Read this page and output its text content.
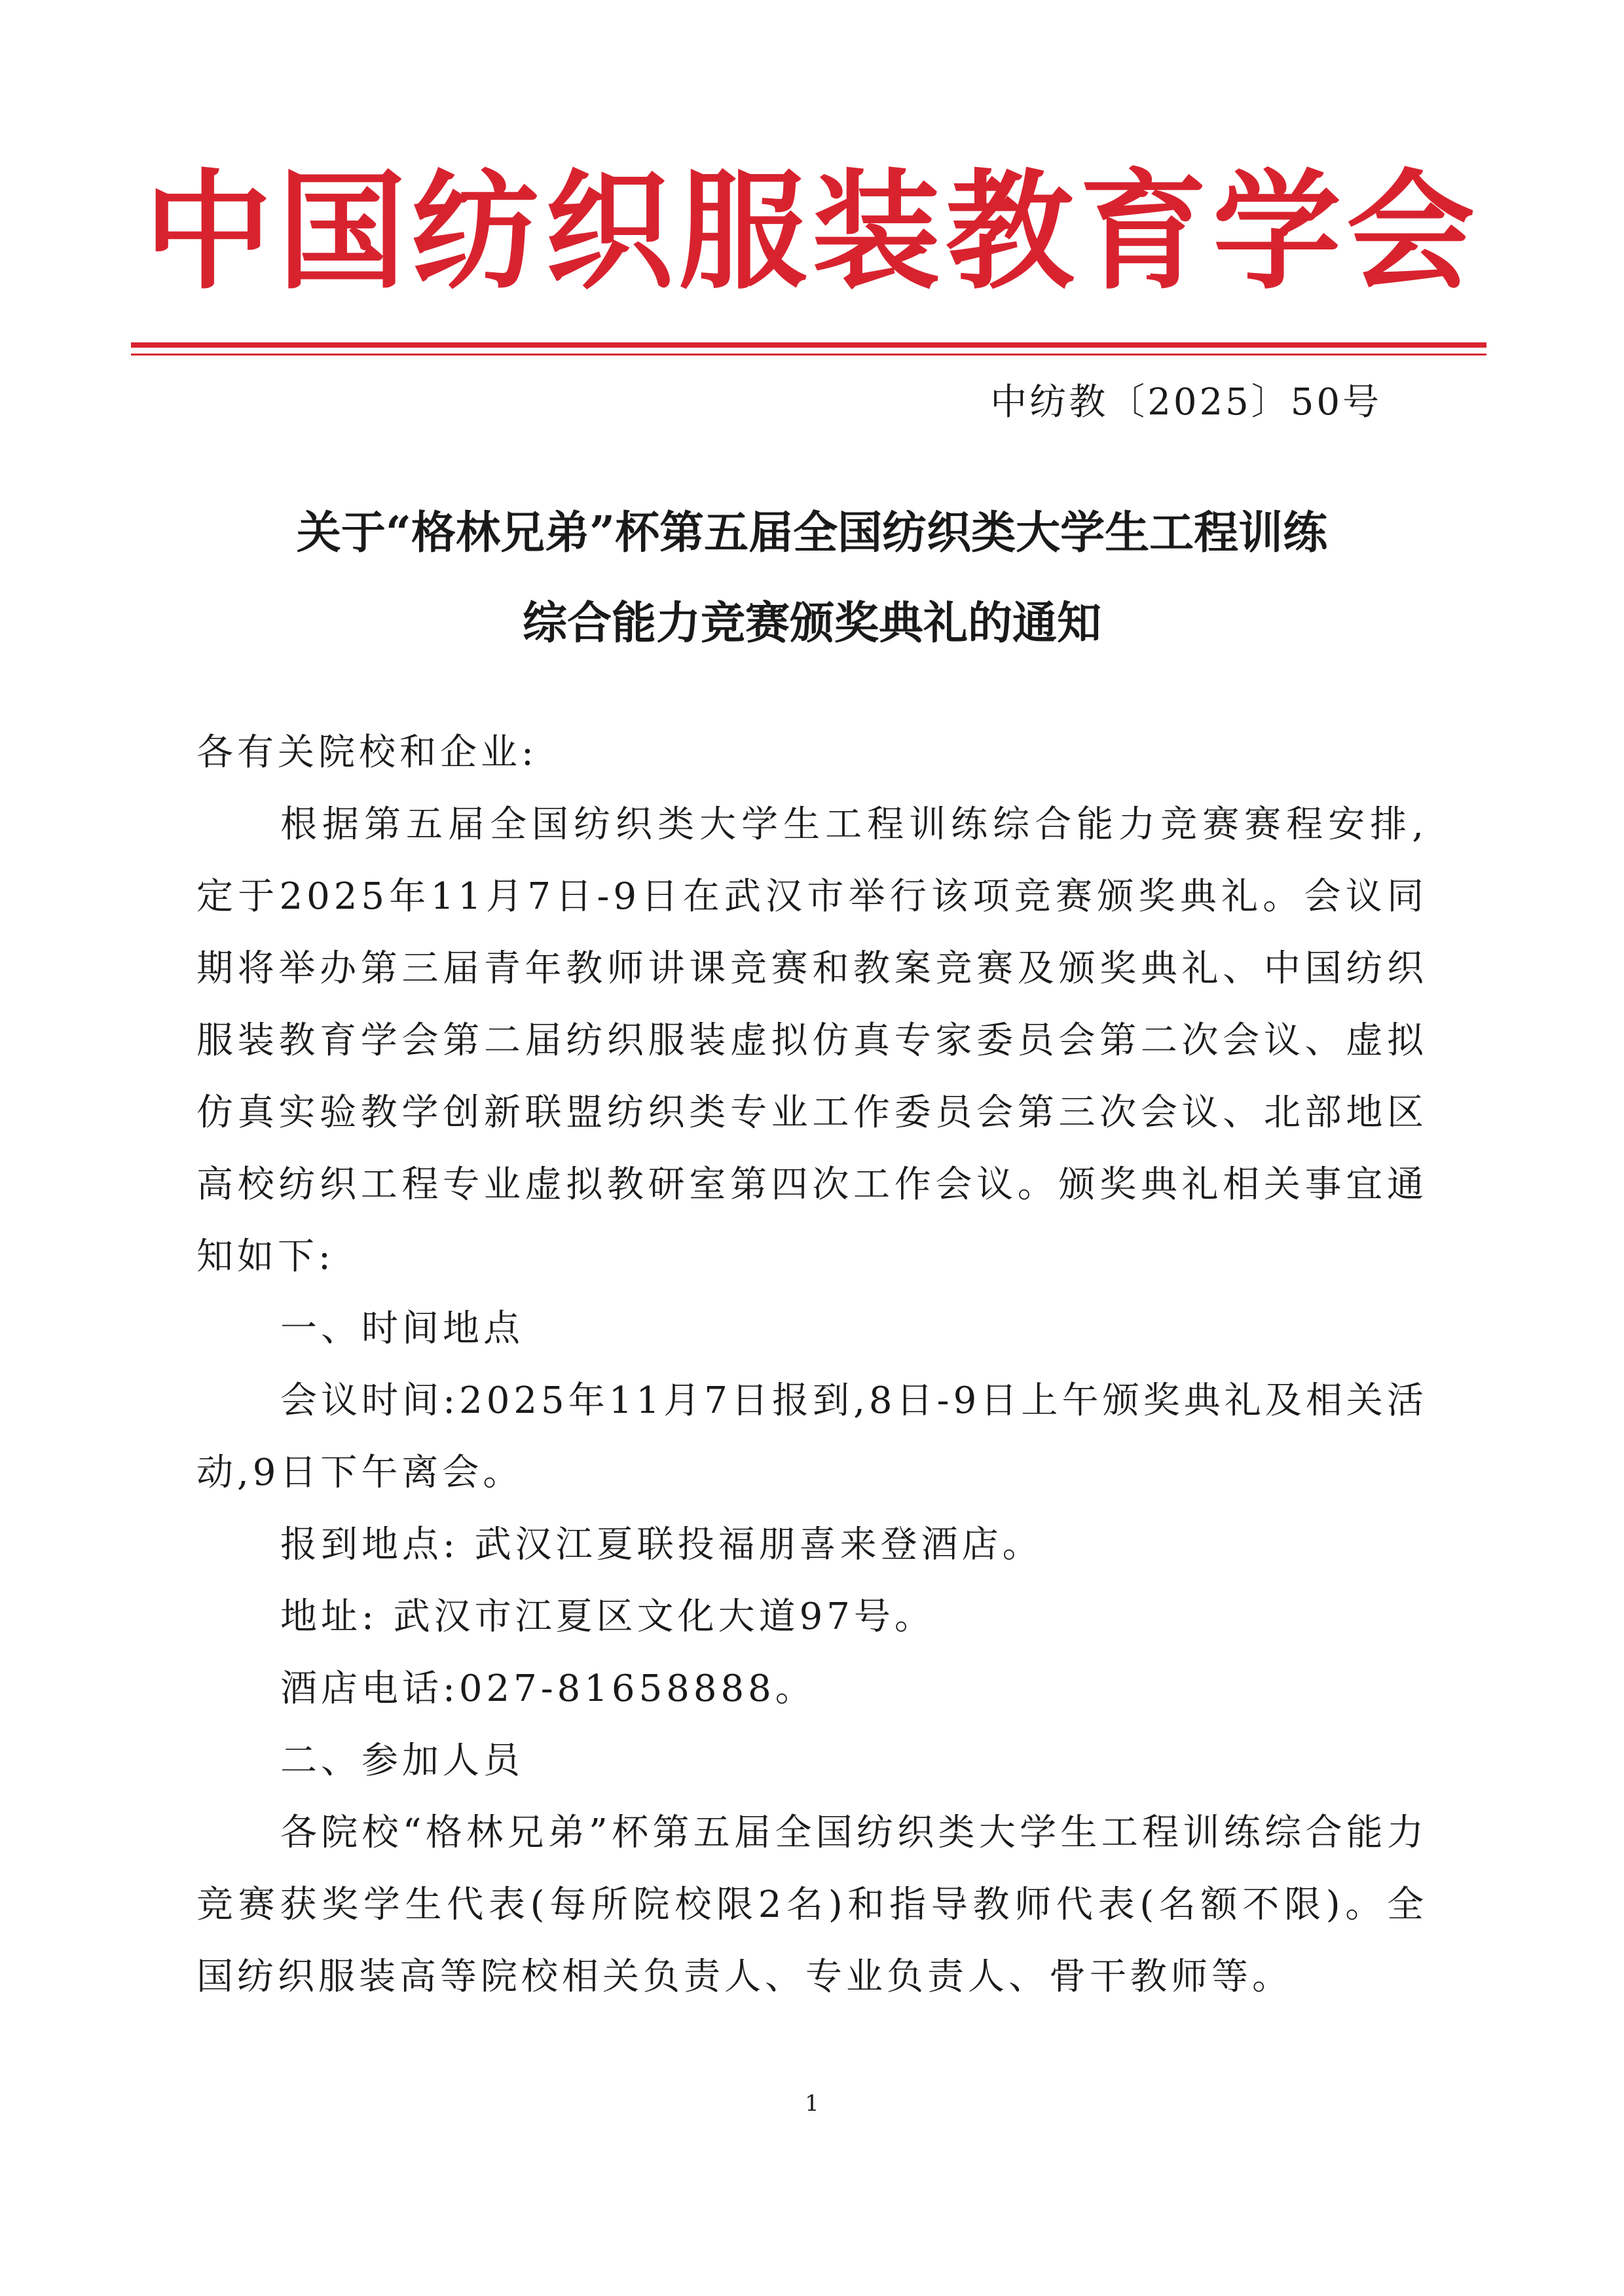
中国纺织服装教育学会
中纺教〔2025〕50号
关于“格林兄弟”杯第五届全国纺织类大学生工程训练
综合能力竞赛颁奖典礼的通知

各有关院校和企业:

根据第五届全国纺织类大学生工程训练综合能力竞赛赛程安排,定于2025年11月7日-9日在武汉市举行该项竞赛颁奖典礼。会议同期将举办第三届青年教师讲课竞赛和教案竞赛及颁奖典礼、中国纺织服装教育学会第二届纺织服装虚拟仿真专家委员会第二次会议、虚拟仿真实验教学创新联盟纺织类专业工作委员会第三次会议、北部地区高校纺织工程专业虚拟教研室第四次工作会议。颁奖典礼相关事宜通知如下:

一、时间地点

会议时间:2025年11月7日报到,8日-9日上午颁奖典礼及相关活动,9日下午离会。

报到地点: 武汉江夏联投福朋喜来登酒店。

地址: 武汉市江夏区文化大道97号。

酒店电话:027-81658888。

二、参加人员

各院校“格林兄弟”杯第五届全国纺织类大学生工程训练综合能力竞赛获奖学生代表(每所院校限2名)和指导教师代表(名额不限)。全国纺织服装高等院校相关负责人、专业负责人、骨干教师等。

1
